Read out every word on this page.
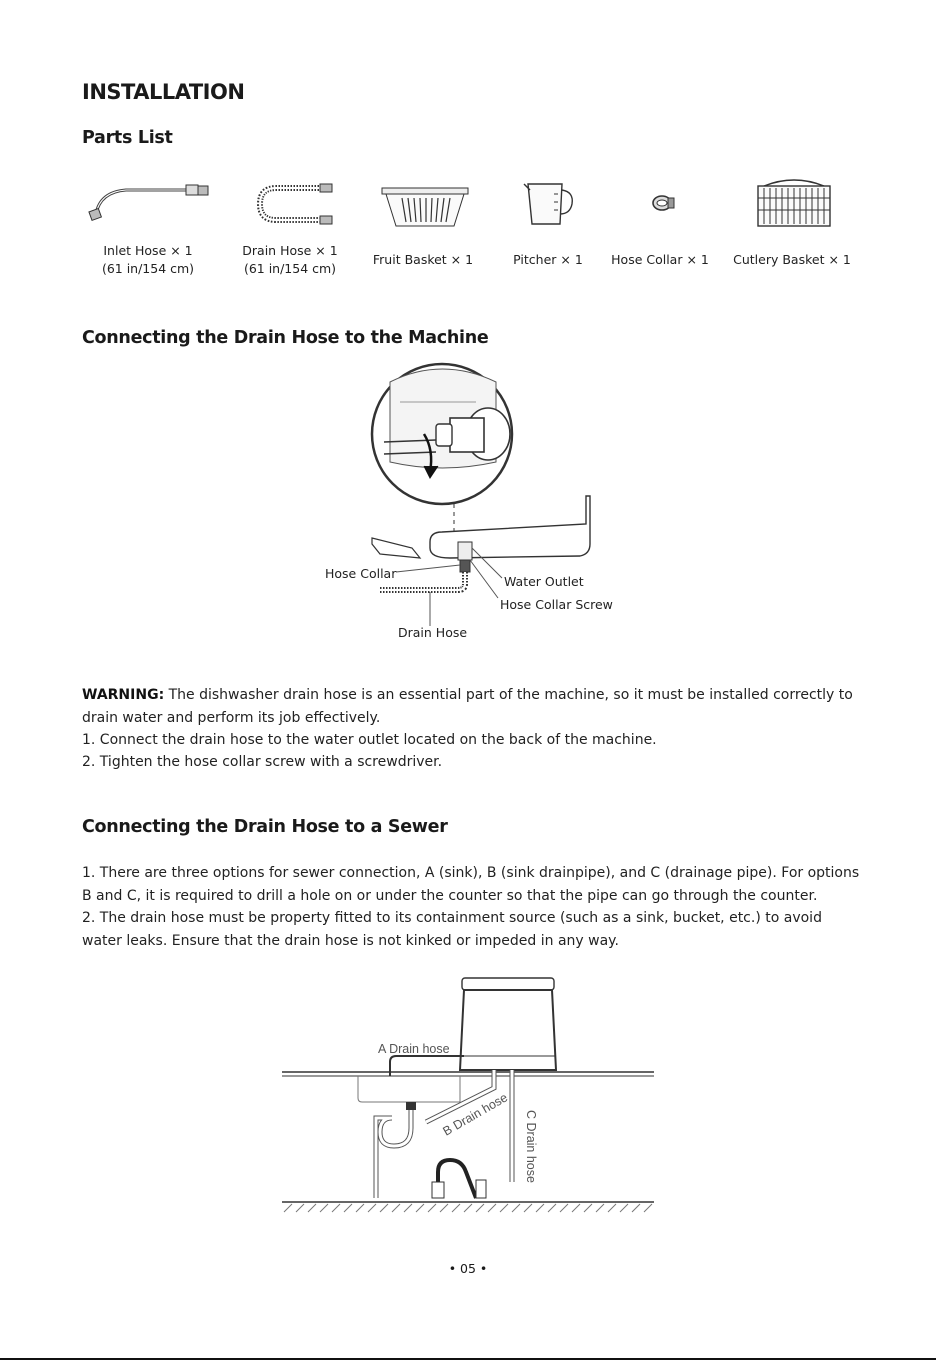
INSTALLATION
Parts List
Inlet Hose × 1
(61 in/154 cm)
Drain Hose × 1
(61 in/154 cm)
Fruit Basket × 1	Pitcher × 1	Hose Collar × 1	Cutlery Basket × 1
Connecting the Drain Hose to the Machine
Hose Collar
Water Outlet
Hose Collar Screw
Drain Hose
WARNING: The dishwasher drain hose is an essential part of the machine, so it must be installed correctly to drain water and perform its job effectively.
1. Connect the drain hose to the water outlet located on the back of the machine.
2. Tighten the hose collar screw with a screwdriver.
Connecting the Drain Hose to a Sewer
1. There are three options for sewer connection, A (sink), B (sink drainpipe), and C (drainage pipe). For options B and C, it is required to drill a hole on or under the counter so that the pipe can go through the counter.
2. The drain hose must be property fitted to its containment source (such as a sink, bucket, etc.) to avoid water leaks. Ensure that the drain hose is not kinked or impeded in any way.
A Drain hose
B Drain hose C Drain hose
• 05 •
